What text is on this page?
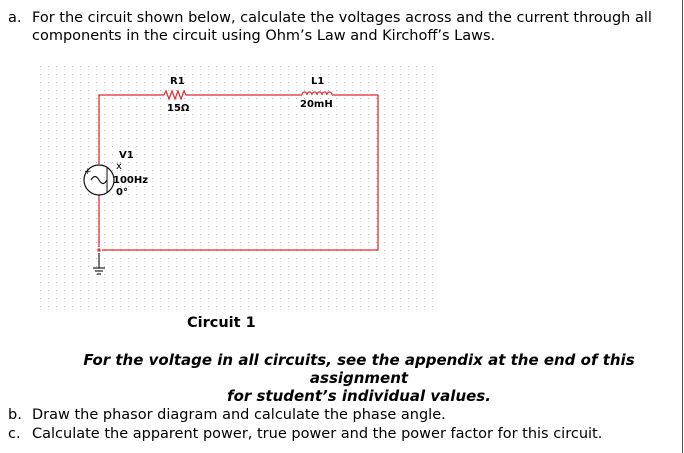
a. For the circuit shown below, calculate the voltages across and the current through all
components in the circuit using Ohm’s Law and Kirchoff’s Laws.
+
R1
15Ω
L1
20mH
V1
x
100Hz
0°
Circuit 1
For the voltage in all circuits, see the appendix at the end of this assignment
for student’s individual values.
b. Draw the phasor diagram and calculate the phase angle.
c. Calculate the apparent power, true power and the power factor for this circuit.
